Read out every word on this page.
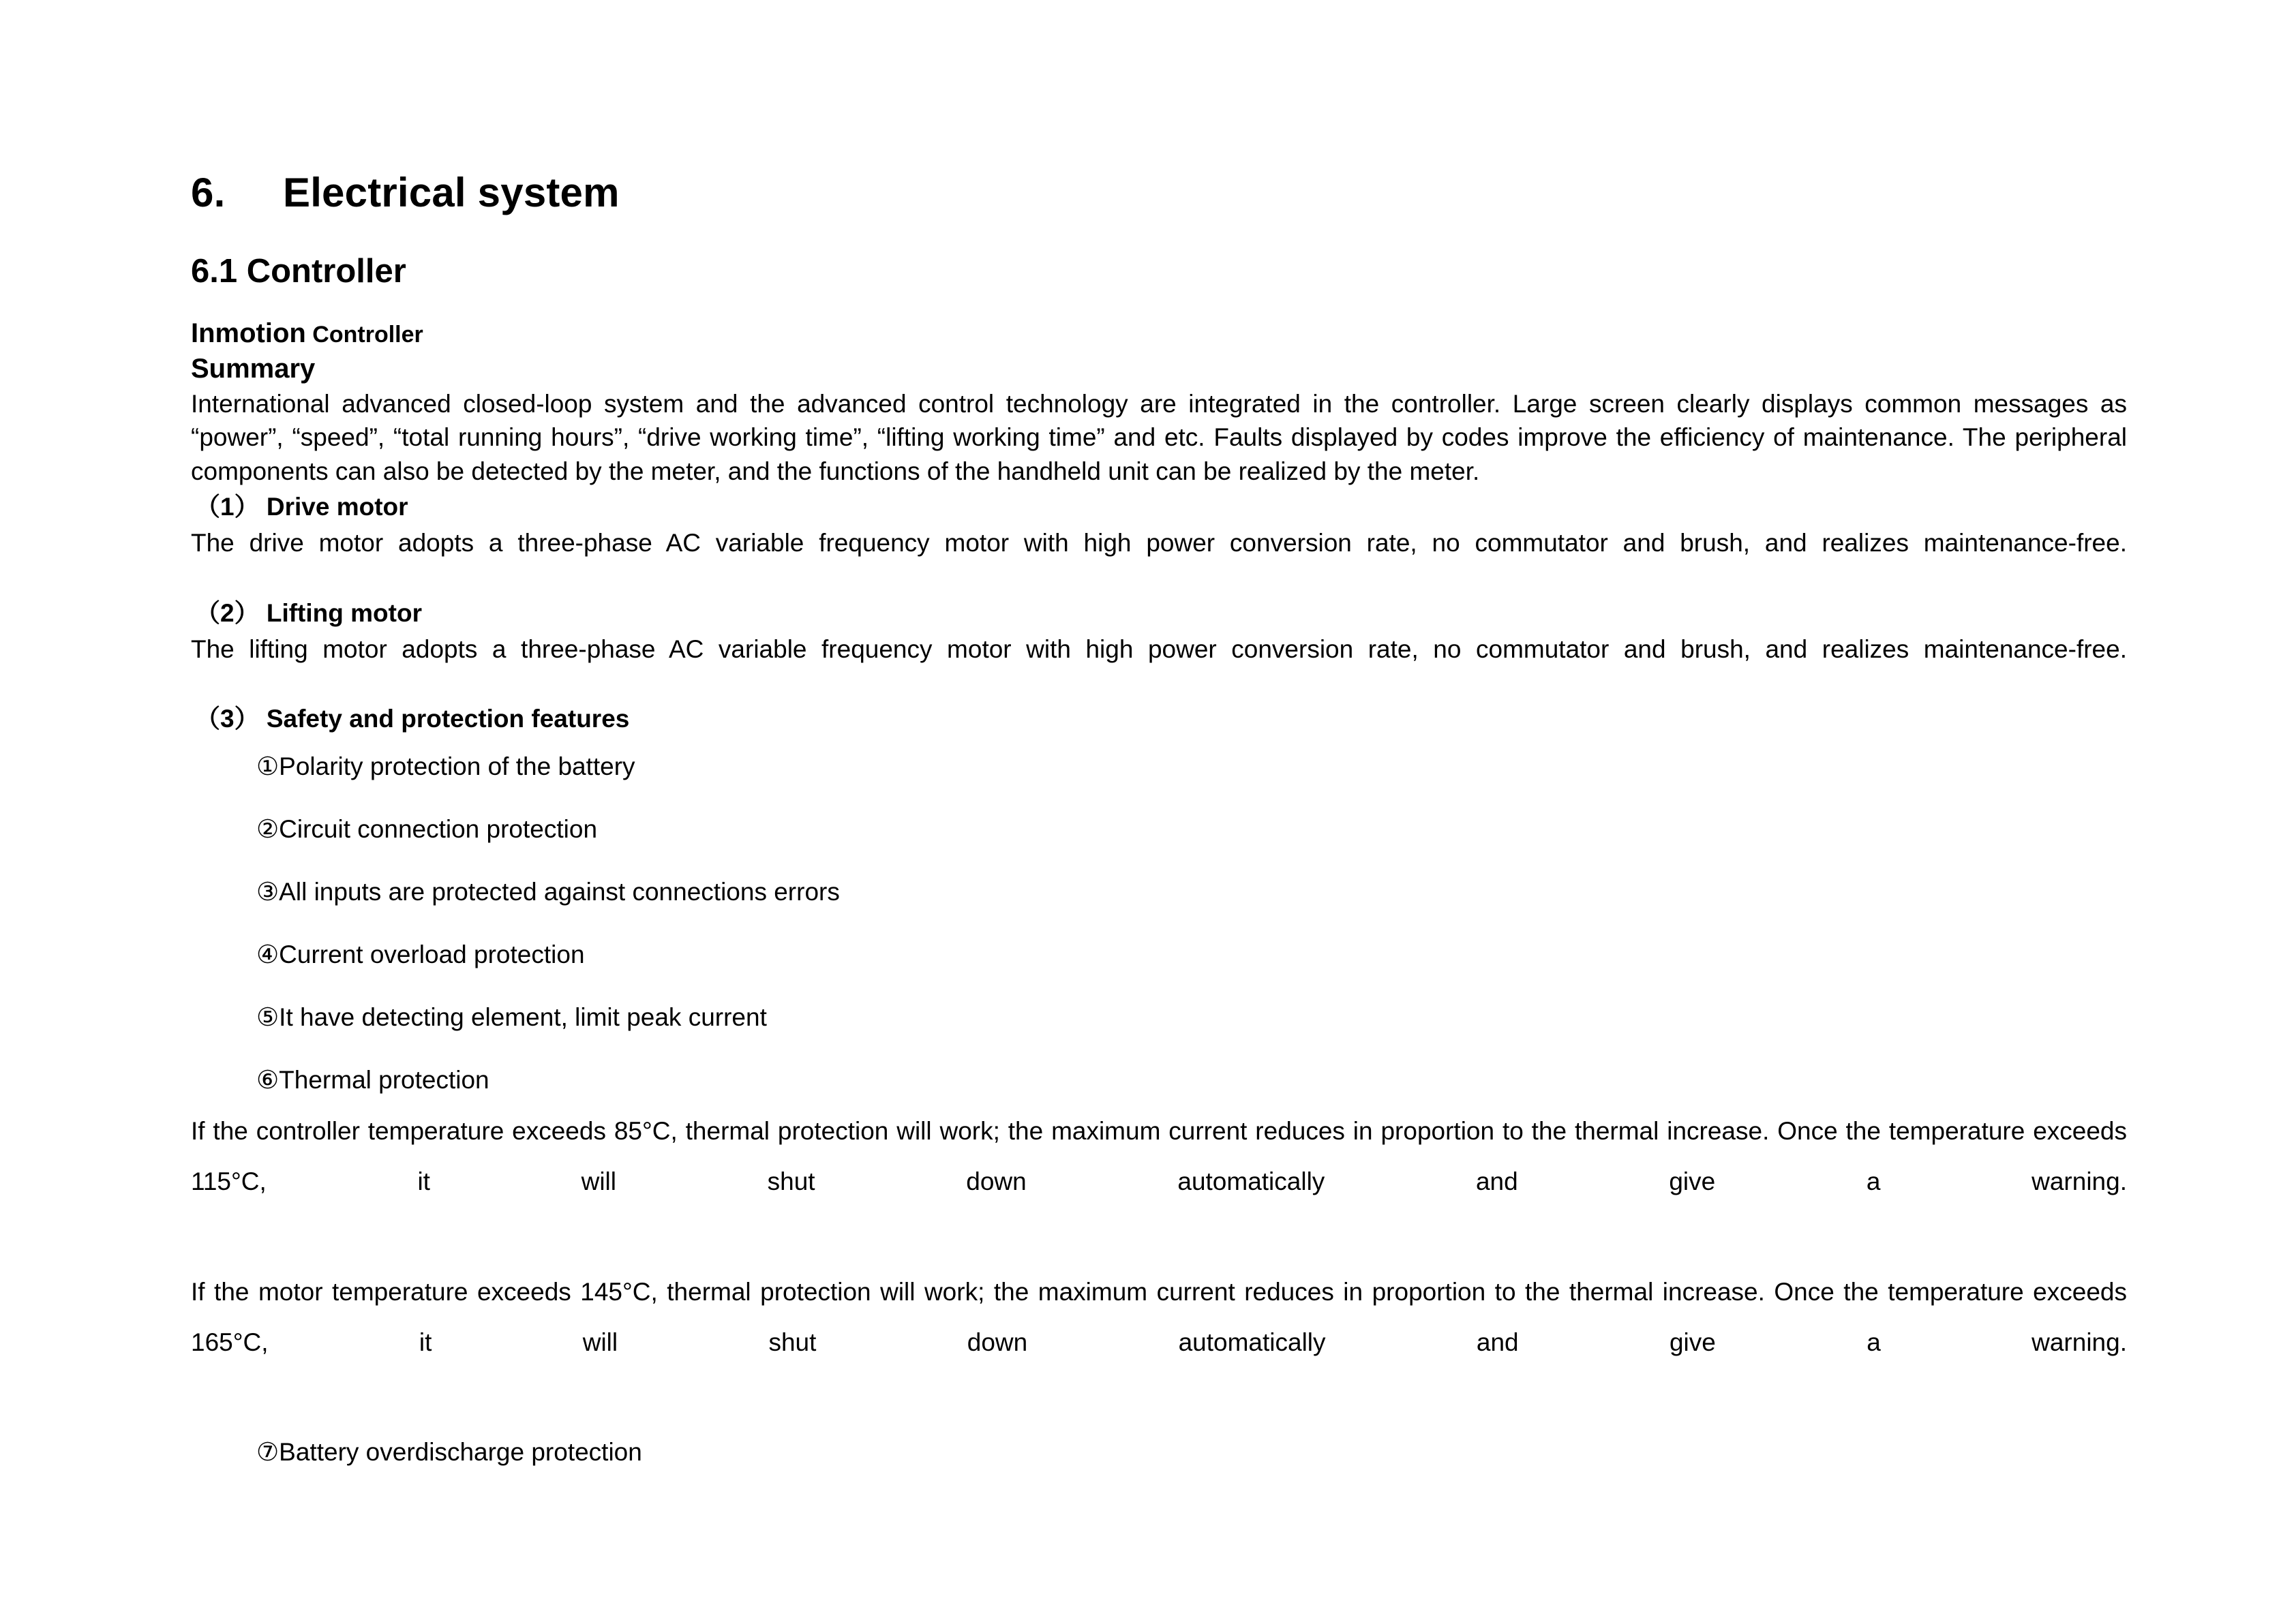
6.	Electrical system
6.1 Controller
Inmotion Controller
Summary

International advanced closed-loop system and the advanced control technology are integrated in the controller. Large screen clearly displays common messages as “power”, “speed”, “total running hours”, “drive working time”, “lifting working time” and etc. Faults displayed by codes improve the efficiency of maintenance. The peripheral components can also be detected by the meter, and the functions of the handheld unit can be realized by the meter.

（1） Drive motor

The drive motor adopts a three-phase AC variable frequency motor with high power conversion rate, no commutator and brush, and realizes maintenance-free.

（2） Lifting motor

The lifting motor adopts a three-phase AC variable frequency motor with high power conversion rate, no commutator and brush, and realizes maintenance-free.

（3） Safety and protection features
①Polarity protection of the battery
②Circuit connection protection
③All inputs are protected against connections errors
④Current overload protection
⑤It have detecting element, limit peak current
⑥Thermal protection

If the controller temperature exceeds 85°C, thermal protection will work; the maximum current reduces in proportion to the thermal increase. Once the temperature exceeds 115°C, it will shut down automatically and give a warning.

If the motor temperature exceeds 145°C, thermal protection will work; the maximum current reduces in proportion to the thermal increase. Once the temperature exceeds 165°C, it will shut down automatically and give a warning.

⑦Battery overdischarge protection
